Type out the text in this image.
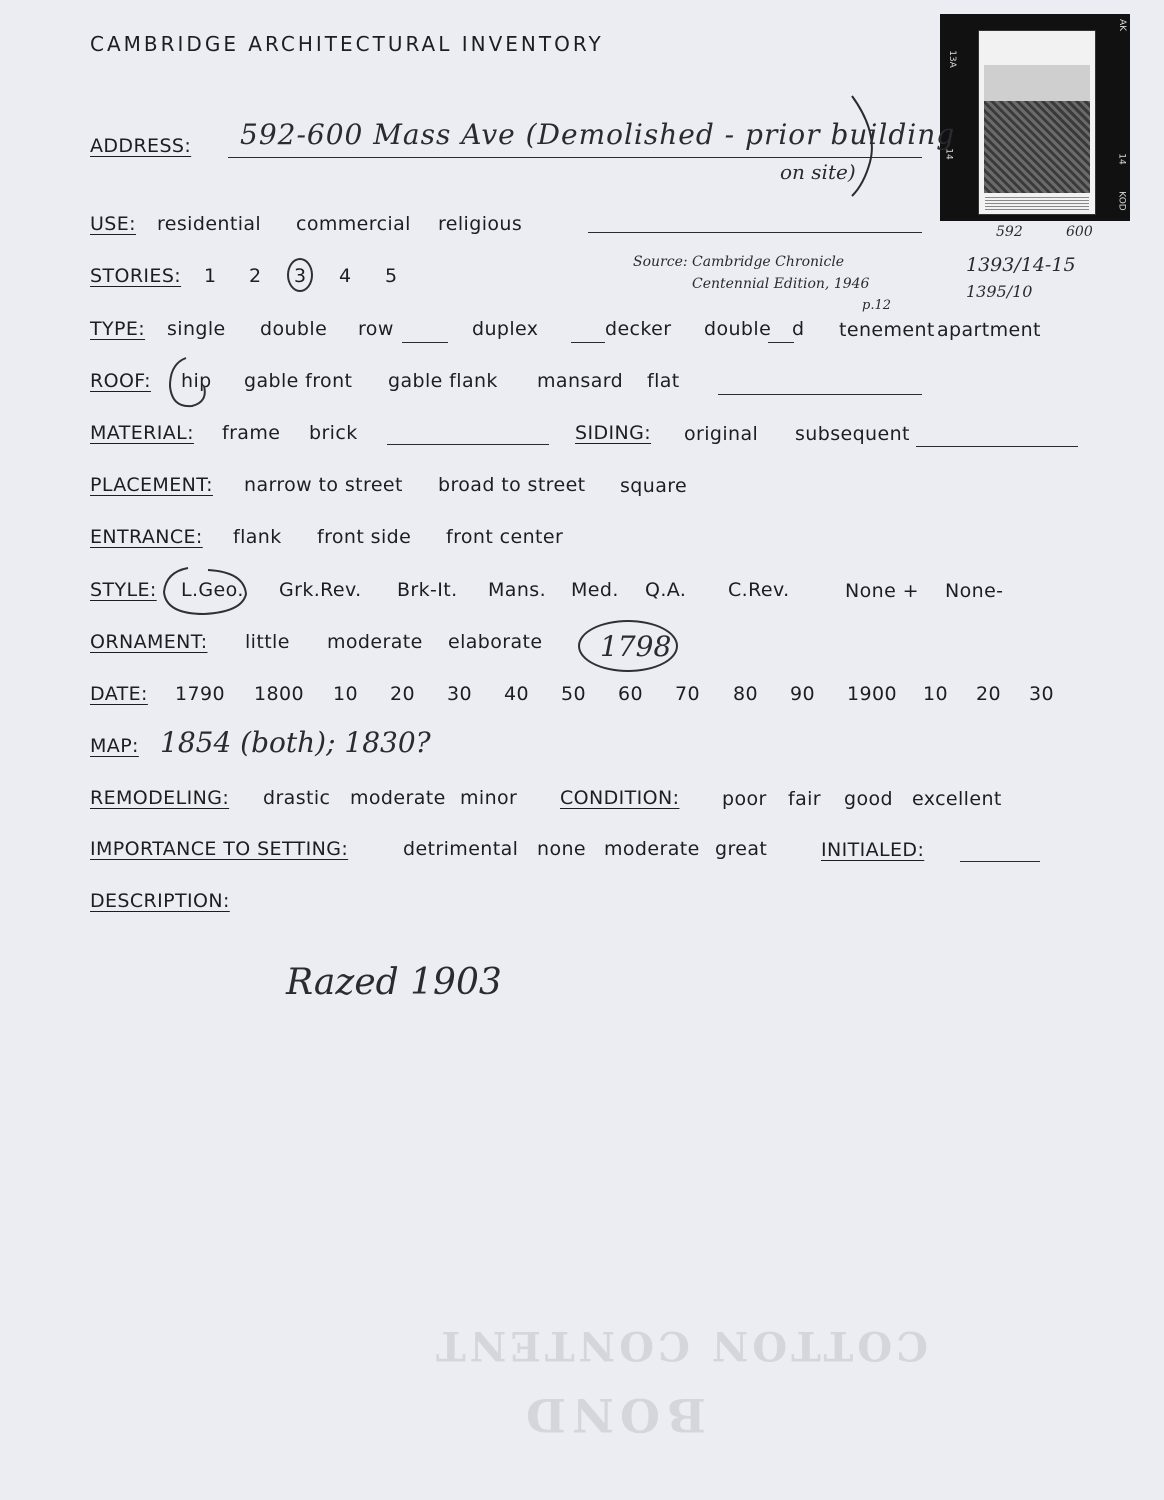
CAMBRIDGE ARCHITECTURAL INVENTORY
13A
14
AK
14
KOD
592	600
1393/14-15
1395/10
ADDRESS: 592-600 Mass Ave (Demolished - prior building
on site)
USE: residential commercial religious
Source: Cambridge Chronicle
Centennial Edition, 1946
p.12
STORIES: 1 2 3 4 5
TYPE: single double row	duplex	decker double d tenement apartment
ROOF: hip gable front gable flank mansard flat
MATERIAL: frame brick	SIDING: original subsequent
PLACEMENT: narrow to street broad to street square
ENTRANCE: flank front side front center
STYLE: L.Geo. Grk.Rev. Brk-It. Mans. Med. Q.A. C.Rev.	None + None-
ORNAMENT: little moderate elaborate 1798
DATE: 1790 1800 10 20 30 40 50 60 70 80 90 1900 10 20 30
MAP: 1854 (both); 1830?
REMODELING: drastic moderate minor CONDITION: poor fair good excellent
IMPORTANCE TO SETTING:	detrimental none moderate great	INITIALED:
DESCRIPTION:
Razed 1903
COTTON CONTENT
BOND
